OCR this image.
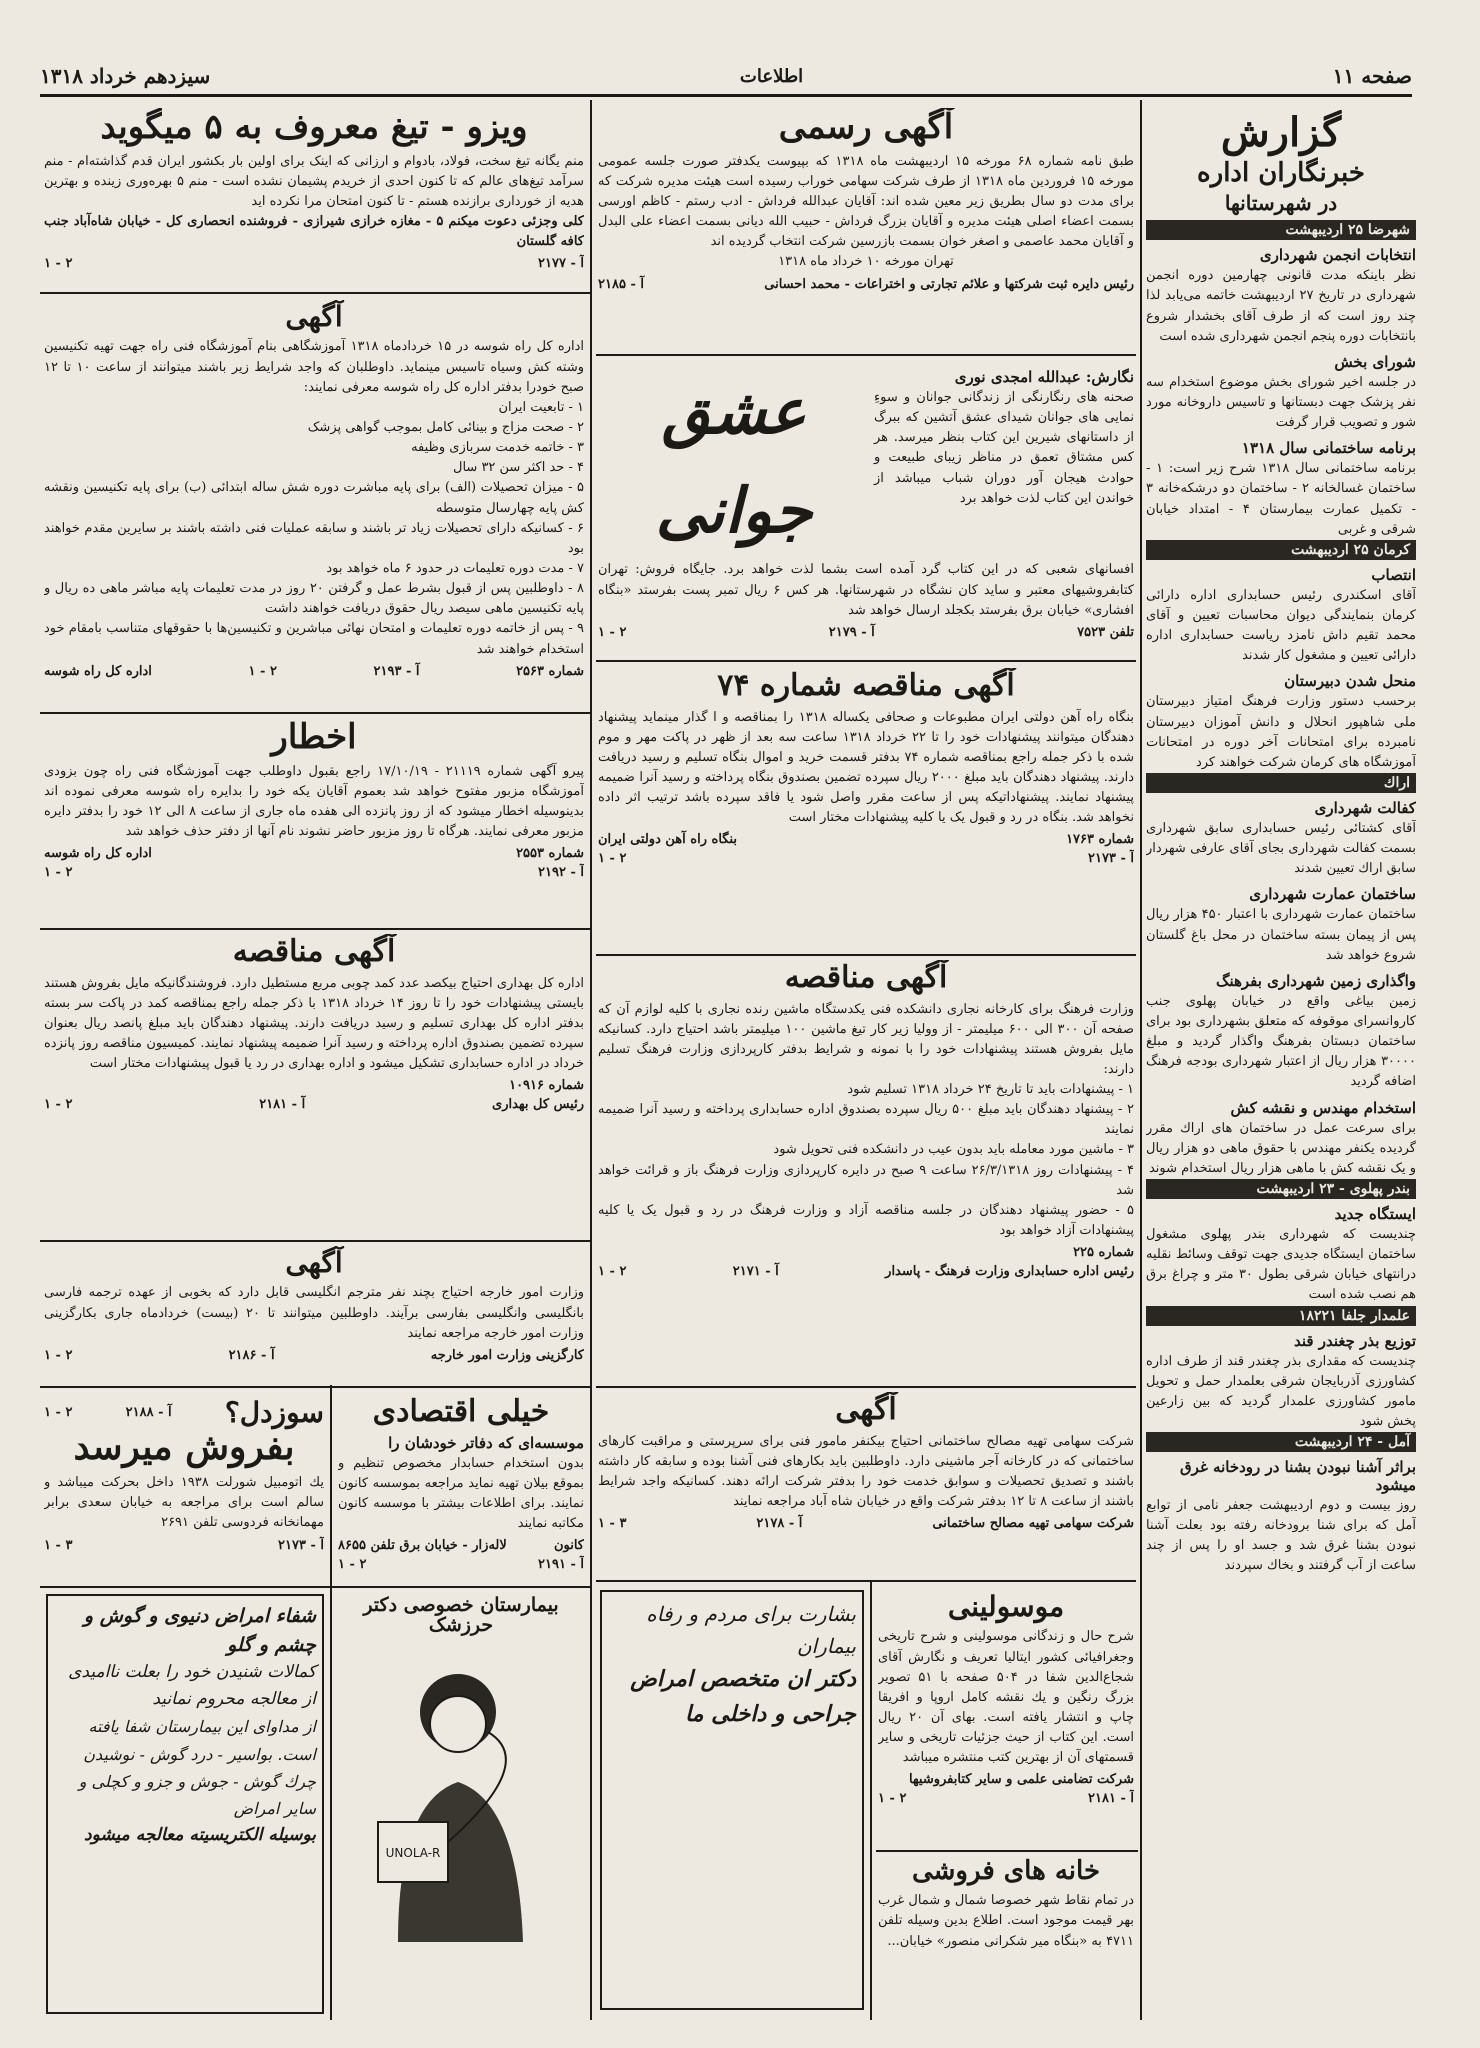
سیزدهم خرداد ۱۳۱۸	اطلاعات	صفحه ۱۱
گزارش
خبرنگاران اداره
در شهرستانها
شهرضا ۲۵ اردیبهشت
انتخابات انجمن شهرداری
نظر باینکه مدت قانونی چهارمین دوره انجمن شهرداری در تاریخ ۲۷ اردیبهشت خاتمه می‌یابد لذا چند روز است که از طرف آقای بخشدار شروع بانتخابات دوره پنجم انجمن شهرداری شده است
شورای بخش
در جلسه اخیر شورای بخش موضوع استخدام سه نفر پزشک جهت دبستانها و تاسیس داروخانه مورد شور و تصویب قرار گرفت
برنامه ساختمانی سال ۱۳۱۸
برنامه ساختمانی سال ۱۳۱۸ شرح زیر است: ۱ - ساختمان غسالخانه ۲ - ساختمان دو درشکه‌خانه ۳ - تکمیل عمارت بیمارستان ۴ - امتداد خیابان شرقی و غربی
کرمان ۲۵ اردیبهشت
انتصاب
آقای اسکندری رئیس حسابداری اداره دارائی کرمان بنمایندگی دیوان محاسبات تعیین و آقای محمد تقیم داش نامزد ریاست حسابداری اداره دارائی تعیین و مشغول کار شدند
منحل شدن دبیرستان
برحسب دستور وزارت فرهنگ امتیاز دبیرستان ملی شاهپور انحلال و دانش آموزان دبیرستان نامبرده برای امتحانات آخر دوره در امتحانات آموزشگاه های کرمان شرکت خواهند کرد
اراك
کفالت شهرداری
آقای کشتائی رئیس حسابداری سابق شهرداری بسمت کفالت شهرداری بجای آقای عارفی شهردار سابق اراك تعیین شدند
ساختمان عمارت شهرداری
ساختمان عمارت شهرداری با اعتبار ۴۵۰ هزار ریال پس از پیمان بسته ساختمان در محل باغ گلستان شروع خواهد شد
واگذاری زمین شهرداری بفرهنگ
زمین بیاغی واقع در خیابان پهلوی جنب کاروانسرای موقوفه که متعلق بشهرداری بود برای ساختمان دبستان بفرهنگ واگذار گردید و مبلغ ۳۰۰۰۰ هزار ریال از اعتبار شهرداری بودجه فرهنگ اضافه گردید
استخدام مهندس و نقشه کش
برای سرعت عمل در ساختمان های اراك مقرر گردیده یکنفر مهندس با حقوق ماهی دو هزار ریال و یک نقشه کش با ماهی هزار ریال استخدام شوند
بندر پهلوی - ۲۳ اردیبهشت
ایستگاه جدید
چندیست که شهرداری بندر پهلوی مشغول ساختمان ایستگاه جدیدی جهت توقف وسائط نقلیه درانتهای خیابان شرقی بطول ۳۰ متر و چراغ برق هم نصب شده است
علمدار جلفا ۱۸۲۲۱
توزیع بذر چغندر قند
چندیست که مقداری بذر چغندر قند از طرف اداره کشاورزی آذربایجان شرقی بعلمدار حمل و تحویل مامور کشاورزی علمدار گردید که بین زارعین پخش شود
آمل - ۲۴ اردیبهشت
براثر آشنا نبودن بشنا در رودخانه غرق میشود
روز بیست و دوم اردیبهشت جعفر نامی از توابع آمل که برای شنا برودخانه رفته بود بعلت آشنا نبودن بشنا غرق شد و جسد او را پس از چند ساعت از آب گرفتند و بخاك سپردند
آگهی رسمی
طبق نامه شماره ۶۸ مورخه ۱۵ اردیبهشت ماه ۱۳۱۸ که بپیوست یکدفتر صورت جلسه عمومی مورخه ۱۵ فروردین ماه ۱۳۱۸ از طرف شرکت سهامی خوراب رسیده است هیئت مدیره شرکت که برای مدت دو سال بطریق زیر معین شده اند: آقایان عبدالله فرداش - ادب رستم - کاظم اورسی بسمت اعضاء اصلی هیئت مدیره و آقایان بزرگ فرداش - حبیب الله دیانی بسمت اعضاء علی البدل و آقایان محمد عاصمی و اصغر خوان بسمت بازرسین شرکت انتخاب گردیده اند
تهران مورخه ۱۰ خرداد ماه ۱۳۱۸
رئیس دایره ثبت شرکتها و علائم تجارتی و اختراعات - محمد احسانی
آ - ۲۱۸۵
نگارش: عبدالله امجدی نوری
صحنه های رنگارنگی از زندگانی جوانان و سوءِ نمایی های جوانان شیدای عشق آتشین که ببرگ از داستانهای شیرین این کتاب بنظر میرسد. هر کس مشتاق تعمق در مناظر زیبای طبیعت و حوادث هیجان آور دوران شباب میباشد از خواندن این کتاب لذت خواهد برد
عشق جوانی
افسانهای شعبی که در این کتاب گرد آمده است بشما لذت خواهد برد. جایگاه فروش: تهران کتابفروشیهای معتبر و ساید کان نشگاه در شهرستانها. هر کس ۶ ریال تمبر پست بفرستد «بنگاه افشاری» خیابان برق بفرستد بکجلد ارسال خواهد شد
تلفن ۷۵۲۳
آ - ۲۱۷۹
۲ - ۱
آگهی مناقصه شماره ۷۴
بنگاه راه آهن دولتی ایران مطبوعات و صحافی یکساله ۱۳۱۸ را بمناقصه و ا گذار مینماید پیشنهاد دهندگان میتوانند پیشنهادات خود را تا ۲۲ خرداد ۱۳۱۸ ساعت سه بعد از ظهر در پاکت مهر و موم شده با ذکر جمله راجع بمناقصه شماره ۷۴ بدفتر قسمت خرید و اموال بنگاه تسلیم و رسید دریافت دارند. پیشنهاد دهندگان باید مبلغ ۲۰۰۰ ریال سپرده تضمین بصندوق بنگاه پرداخته و رسید آنرا ضمیمه پیشنهاد نمایند. پیشنهاداتیکه پس از ساعت مقرر واصل شود یا فاقد سپرده باشد ترتیب اثر داده نخواهد شد. بنگاه در رد و قبول یک یا کلیه پیشنهادات مختار است
شماره ۱۷۶۳
بنگاه راه آهن دولتی ایران
آ - ۲۱۷۳
۲ - ۱
آگهی مناقصه
وزارت فرهنگ برای کارخانه نجاری دانشکده فنی یکدستگاه ماشین رنده نجاری با کلیه لوازم آن که صفحه آن ۳۰۰ الی ۶۰۰ میلیمتر - از وولیا زیر کار تیغ ماشین ۱۰۰ میلیمتر باشد احتیاج دارد. کسانیکه مایل بفروش هستند پیشنهادات خود را با نمونه و شرایط بدفتر کارپردازی وزارت فرهنگ تسلیم دارند:
۱ - پیشنهادات باید تا تاریخ ۲۴ خرداد ۱۳۱۸ تسلیم شود
۲ - پیشنهاد دهندگان باید مبلغ ۵۰۰ ریال سپرده بصندوق اداره حسابداری پرداخته و رسید آنرا ضمیمه نمایند
۳ - ماشین مورد معامله باید بدون عیب در دانشکده فنی تحویل شود
۴ - پیشنهادات روز ۲۶/۳/۱۳۱۸ ساعت ۹ صبح در دایره کارپردازی وزارت فرهنگ باز و قرائت خواهد شد
۵ - حضور پیشنهاد دهندگان در جلسه مناقصه آزاد و وزارت فرهنگ در رد و قبول یک یا کلیه پیشنهادات آزاد خواهد بود
شماره ۲۲۵
رئیس اداره حسابداری وزارت فرهنگ - پاسدار
آ - ۲۱۷۱
۲ - ۱
آگهی
شرکت سهامی تهیه مصالح ساختمانی احتیاج بیکنفر مامور فنی برای سرپرستی و مراقبت کارهای ساختمانی که در کارخانه آجر ماشینی دارد. داوطلبین باید بکارهای فنی آشنا بوده و سابقه کار داشته باشند و تصدیق تحصیلات و سوابق خدمت خود را بدفتر شرکت ارائه دهند. کسانیکه واجد شرایط باشند از ساعت ۸ تا ۱۲ بدفتر شرکت واقع در خیابان شاه آباد مراجعه نمایند
شرکت سهامی تهیه مصالح ساختمانی
آ - ۲۱۷۸
۳ - ۱
موسولینی
شرح حال و زندگانی موسولینی و شرح تاریخی وجغرافیائی کشور ایتالیا تعریف و نگارش آقای شجاع‌الدین شفا در ۵۰۴ صفحه با ۵۱ تصویر بزرگ رنگین و یك نقشه کامل اروپا و افریقا چاپ و انتشار یافته است. بهای آن ۲۰ ریال است. این کتاب از حیث جزئیات تاریخی و سایر قسمتهای آن از بهترین کتب منتشره میباشد
شرکت تضامنی علمی و سایر کتابفروشیها
آ - ۲۱۸۱
۲ - ۱
خانه های فروشی
در تمام نقاط شهر خصوصا شمال و شمال غرب بهر قیمت موجود است. اطلاع بدین وسیله تلفن ۴۷۱۱ به «بنگاه میر شکرانی منصور» خیابان...
بشارت برای مردم و رفاه بیماران
دکتر ان متخصص امراض جراحی و داخلی ما
ویزو - تیغ معروف به ۵ میگوید
منم یگانه تیغ سخت، فولاد، بادوام و ارزانی که اینک برای اولین بار بکشور ایران قدم گذاشته‌ام - منم سرآمد تیغ‌های عالم که تا کنون احدی از خریدم پشیمان نشده است - منم ۵ بهره‌وری زینده و بهترین هدیه از خورداری برازنده هستم - تا کنون امتحان مرا نکرده اید
کلی وجزئی دعوت میکنم ۵ - مغازه خرازی شیرازی - فروشنده انحصاری کل - خیابان شاه‌آباد جنب کافه گلستان
آ - ۲۱۷۷
۲ - ۱
آگهی
اداره کل راه شوسه در ۱۵ خردادماه ۱۳۱۸ آموزشگاهی بنام آموزشگاه فنی راه جهت تهیه تکنیسین وشته کش وسیاه تاسیس مینماید. داوطلبان که واجد شرایط زیر باشند میتوانند از ساعت ۱۰ تا ۱۲ صبح خودرا بدفتر اداره کل راه شوسه معرفی نمایند:
۱ - تابعیت ایران
۲ - صحت مزاج و بینائی کامل بموجب گواهی پزشک
۳ - خاتمه خدمت سربازی وظیفه
۴ - حد اکثر سن ۳۲ سال
۵ - میزان تحصیلات (الف) برای پایه مباشرت دوره شش ساله ابتدائی (ب) برای پایه تکنیسین ونقشه کش پایه چهارسال متوسطه
۶ - کسانیکه دارای تحصیلات زیاد تر باشند و سابقه عملیات فنی داشته باشند بر سایرین مقدم خواهند بود
۷ - مدت دوره تعلیمات در حدود ۶ ماه خواهد بود
۸ - داوطلبین پس از قبول بشرط عمل و گرفتن ۲۰ روز در مدت تعلیمات پایه مباشر ماهی ده ریال و پایه تکنیسین ماهی سیصد ریال حقوق دریافت خواهند داشت
۹ - پس از خاتمه دوره تعلیمات و امتحان نهائی مباشرین و تکنیسین‌ها با حقوقهای متناسب بامقام خود استخدام خواهند شد
شماره ۲۵۶۳
آ - ۲۱۹۳
۲ - ۱
اداره کل راه شوسه
اخطار
پیرو آگهی شماره ۲۱۱۱۹ - ۱۷/۱۰/۱۹ راجع بقبول داوطلب جهت آموزشگاه فنی راه چون بزودی آموزشگاه مزبور مفتوح خواهد شد بعموم آقایان یکه خود را بدایره راه شوسه معرفی نموده اند بدینوسیله اخطار میشود که از روز پانزده الی هفده ماه جاری از ساعت ۸ الی ۱۲ خود را بدفتر دایره مزبور معرفی نمایند. هرگاه تا روز مزبور حاضر نشوند نام آنها از دفتر حذف خواهد شد
شماره ۲۵۵۳
اداره کل راه شوسه
آ - ۲۱۹۲
۲ - ۱
آگهی مناقصه
اداره کل بهداری احتیاج بیکصد عدد کمد چوبی مربع مستطیل دارد. فروشندگانیکه مایل بفروش هستند بایستی پیشنهادات خود را تا روز ۱۴ خرداد ۱۳۱۸ با ذکر جمله راجع بمناقصه کمد در پاکت سر بسته بدفتر اداره کل بهداری تسلیم و رسید دریافت دارند. پیشنهاد دهندگان باید مبلغ پانصد ریال بعنوان سپرده تضمین بصندوق اداره پرداخته و رسید آنرا ضمیمه پیشنهاد نمایند. کمیسیون مناقصه روز پانزده خرداد در اداره حسابداری تشکیل میشود و اداره بهداری در رد یا قبول پیشنهادات مختار است
شماره ۱۰۹۱۶
رئیس کل بهداری
آ - ۲۱۸۱
۲ - ۱
آگهی
وزارت امور خارجه احتیاج بچند نفر مترجم انگلیسی قابل دارد که بخوبی از عهده ترجمه فارسی بانگلیسی وانگلیسی بفارسی برآیند. داوطلبین میتوانند تا ۲۰ (بیست) خردادماه جاری بکارگزینی وزارت امور خارجه مراجعه نمایند
کارگزینی وزارت امور خارجه
آ - ۲۱۸۶
۲ - ۱
خیلی اقتصادی
موسسه‌ای که دفاتر خودشان را
بدون استخدام حسابدار مخصوص تنظیم و بموقع بیلان تهیه نماید مراجعه بموسسه کانون نمایند. برای اطلاعات بیشتر با موسسه کانون مکاتبه نمایند
کانون
لاله‌زار - خیابان برق تلفن ۸۶۵۵
آ - ۲۱۹۱
۲ - ۱
سوزدل؟
آ - ۲۱۸۸
۲ - ۱
بفروش میرسد
یك اتومبیل شورلت ۱۹۳۸ داخل بحرکت میباشد و سالم است برای مراجعه به خیابان سعدی برابر مهمانخانه فردوسی تلفن ۲۶۹۱
آ - ۲۱۷۳
۳ - ۱
بیمارستان خصوصی دکتر حرزشک
UNOLA-R
شفاء امراض دنیوی و گوش و چشم و گلو
کمالات شنیدن خود را بعلت ناامیدی از معالجه محروم نمانید
از مداوای این بیمارستان شفا یافته است. بواسیر - درد گوش - نوشیدن چرك گوش - جوش و جزو و کچلی و سایر امراض
بوسیله الکتریسیته معالجه میشود
